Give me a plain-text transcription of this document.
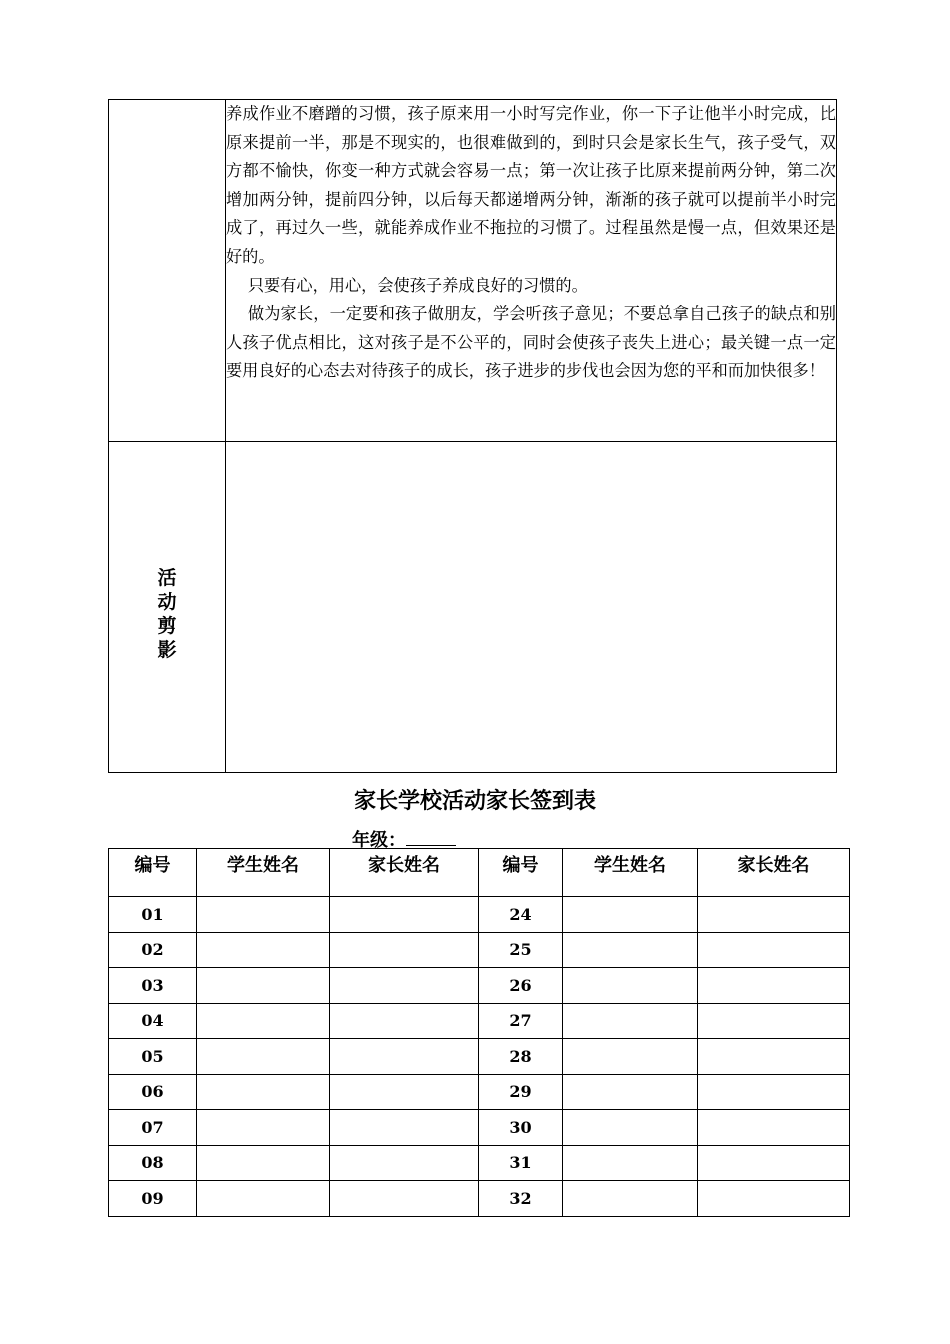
	养成作业不磨蹭的习惯，孩子原来用一小时写完作业，你一下子让他半小时完成，比原来提前一半，那是不现实的，也很难做到的，到时只会是家长生气，孩子受气，双方都不愉快，你变一种方式就会容易一点；第一次让孩子比原来提前两分钟，第二次增加两分钟，提前四分钟，以后每天都递增两分钟，渐渐的孩子就可以提前半小时完成了，再过久一些，就能养成作业不拖拉的习惯了。过程虽然是慢一点，但效果还是好的。

只要有心，用心，会使孩子养成良好的习惯的。

做为家长，一定要和孩子做朋友，学会听孩子意见；不要总拿自己孩子的缺点和别人孩子优点相比，这对孩子是不公平的，同时会使孩子丧失上进心；最关键一点一定要用良好的心态去对待孩子的成长，孩子进步的步伐也会因为您的平和而加快很多！

活动剪影	
家长学校活动家长签到表
年级：
编号	学生姓名	家长姓名	编号	学生姓名	家长姓名
01			24		
02			25		
03			26		
04			27		
05			28		
06			29		
07			30		
08			31		
09			32		
